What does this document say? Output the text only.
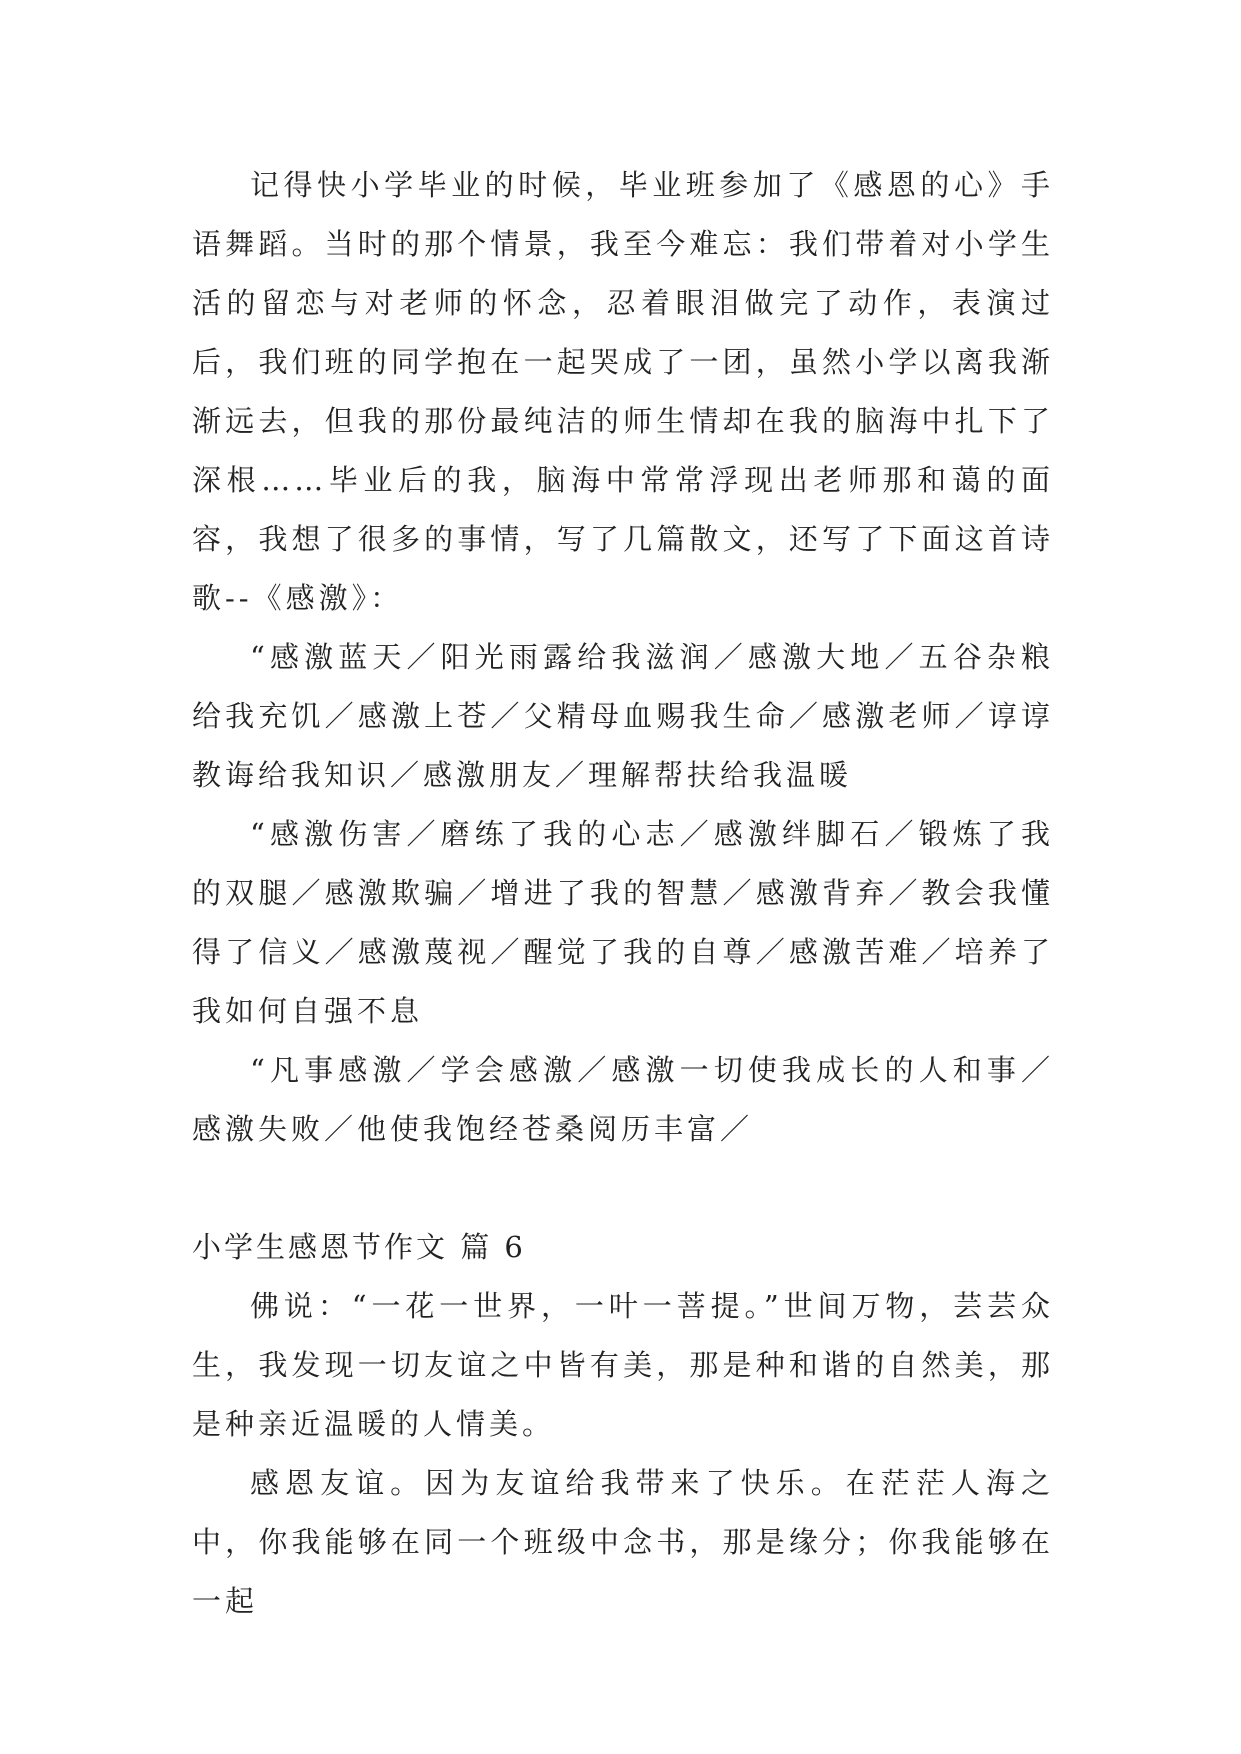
记得快小学毕业的时候，毕业班参加了《感恩的心》手语舞蹈。当时的那个情景，我至今难忘：我们带着对小学生活的留恋与对老师的怀念，忍着眼泪做完了动作，表演过后，我们班的同学抱在一起哭成了一团，虽然小学以离我渐渐远去，但我的那份最纯洁的师生情却在我的脑海中扎下了深根……毕业后的我，脑海中常常浮现出老师那和蔼的面容，我想了很多的事情，写了几篇散文，还写了下面这首诗歌--《感激》：

“感激蓝天／阳光雨露给我滋润／感激大地／五谷杂粮给我充饥／感激上苍／父精母血赐我生命／感激老师／谆谆教诲给我知识／感激朋友／理解帮扶给我温暖

“感激伤害／磨练了我的心志／感激绊脚石／锻炼了我的双腿／感激欺骗／增进了我的智慧／感激背弃／教会我懂得了信义／感激蔑视／醒觉了我的自尊／感激苦难／培养了我如何自强不息

“凡事感激／学会感激／感激一切使我成长的人和事／感激失败／他使我饱经苍桑阅历丰富／

小学生感恩节作文 篇 6

佛说：“一花一世界，一叶一菩提。”世间万物，芸芸众生，我发现一切友谊之中皆有美，那是种和谐的自然美，那是种亲近温暖的人情美。

感恩友谊。因为友谊给我带来了快乐。在茫茫人海之中，你我能够在同一个班级中念书，那是缘分；你我能够在一起
